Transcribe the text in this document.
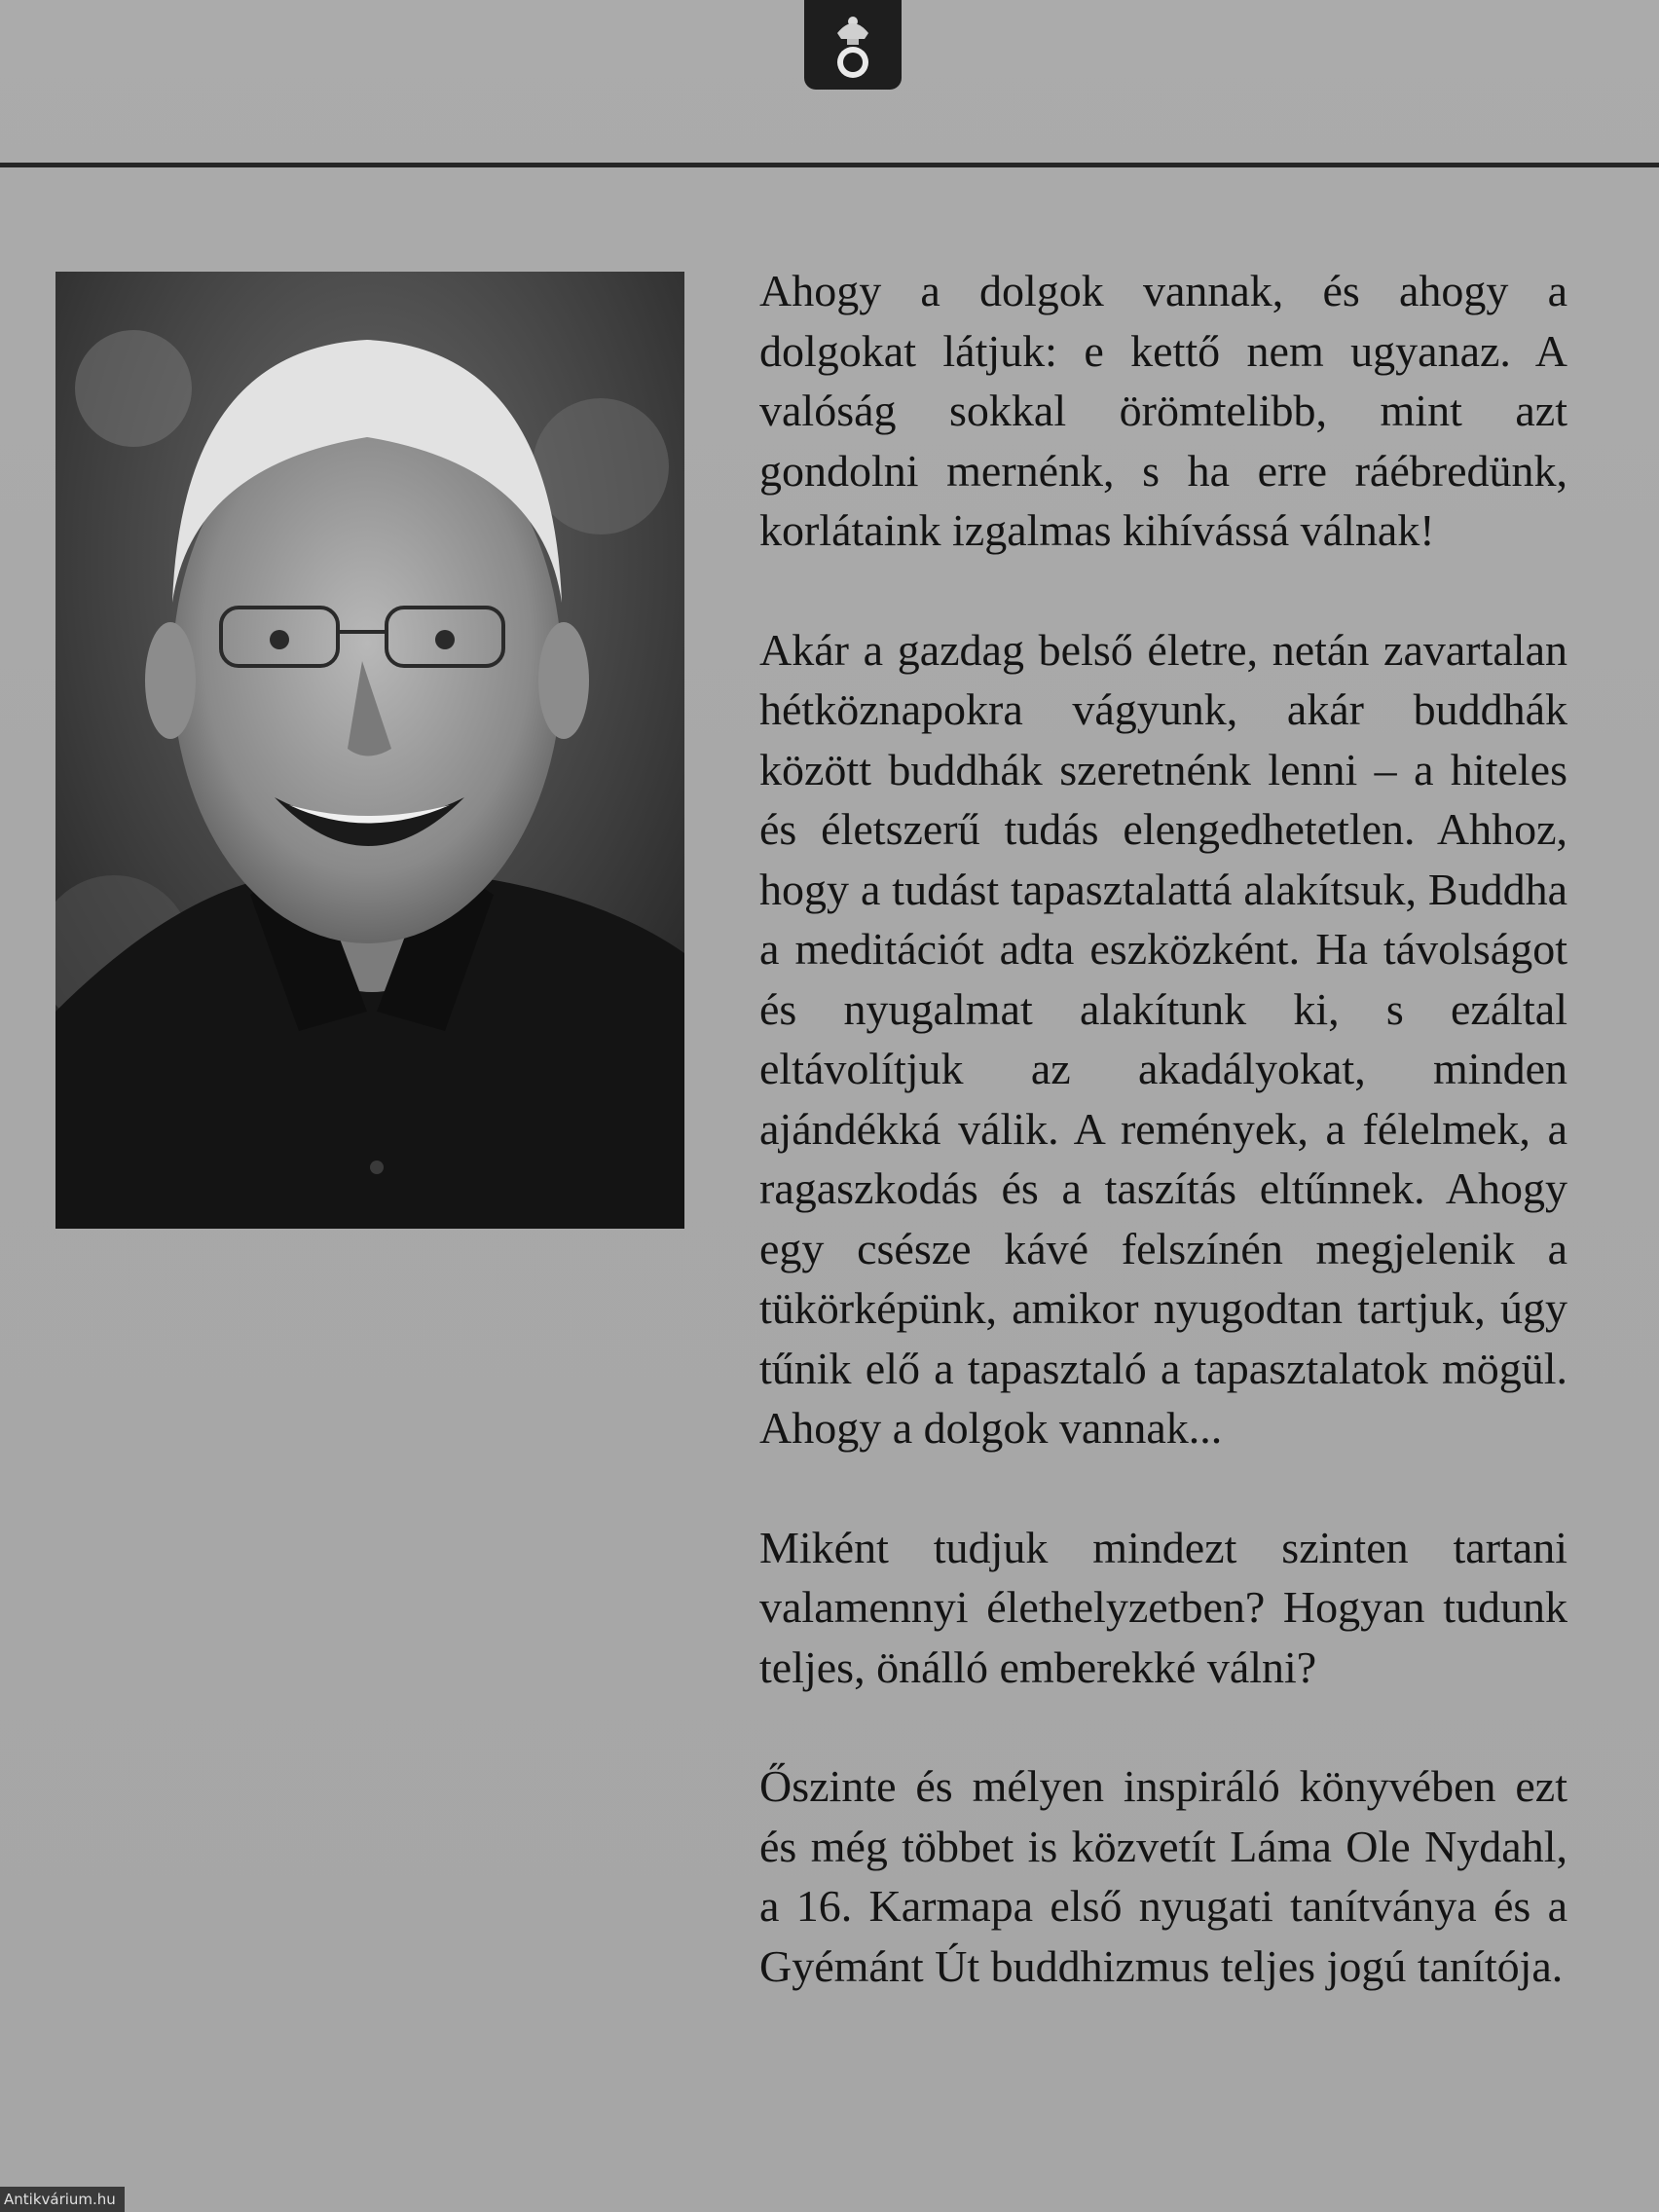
Ahogy a dolgok vannak, és ahogy a dolgokat látjuk: e kettő nem ugyanaz. A valóság sokkal örömtelibb, mint azt gondolni mernénk, s ha erre ráébredünk, korlátaink izgalmas kihívássá válnak!

Akár a gazdag belső életre, netán zavartalan hétköznapokra vágyunk, akár buddhák között buddhák szeretnénk lenni – a hiteles és életszerű tudás elengedhetetlen. Ahhoz, hogy a tudást tapasztalattá alakítsuk, Buddha a meditációt adta eszközként. Ha távolságot és nyugalmat alakítunk ki, s ezáltal eltávolítjuk az akadályokat, minden ajándékká válik. A remények, a félelmek, a ragaszkodás és a taszítás eltűnnek. Ahogy egy csésze kávé felszínén megjelenik a tükörképünk, amikor nyugodtan tartjuk, úgy tűnik elő a tapasztaló a tapasztalatok mögül. Ahogy a dolgok vannak...

Miként tudjuk mindezt szinten tartani valamennyi élethelyzetben? Hogyan tudunk teljes, önálló emberekké válni?

Őszinte és mélyen inspiráló könyvében ezt és még többet is közvetít Láma Ole Nydahl, a 16. Karmapa első nyugati tanítványa és a Gyémánt Út buddhizmus teljes jogú tanítója.

Antikvárium.hu
